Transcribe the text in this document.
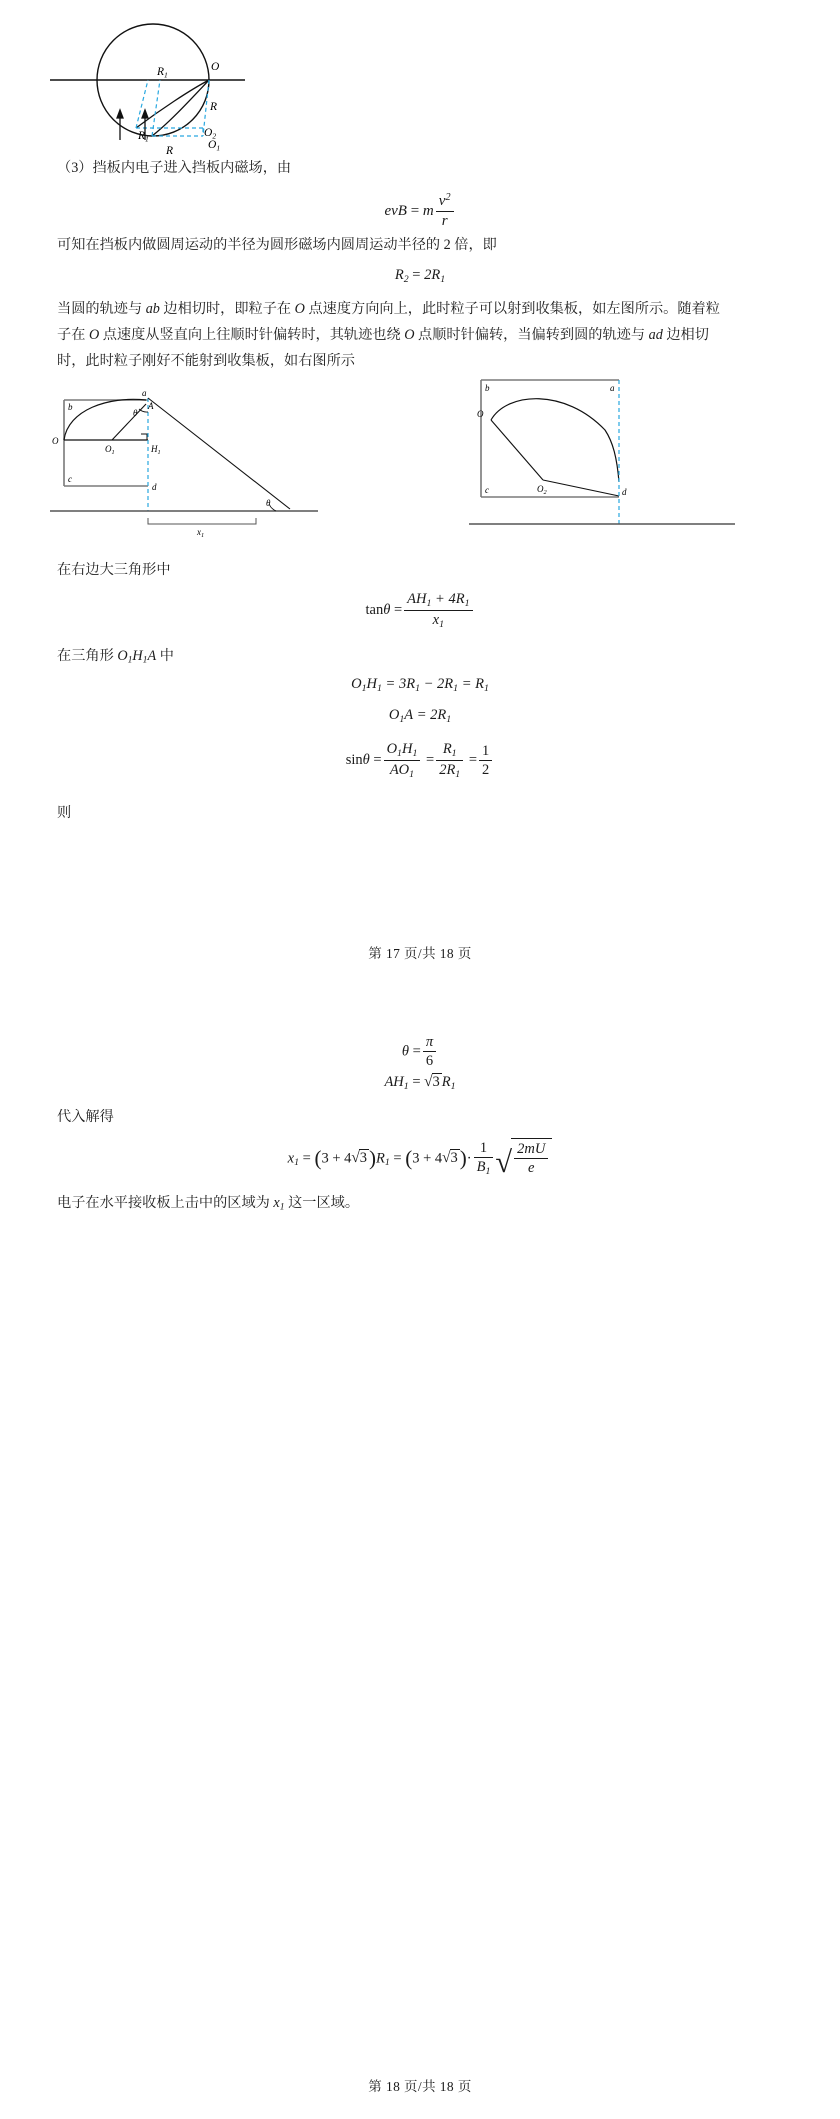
O
$R_1$
$R_1$
R
R
$O_2$
$O_1$
（3）挡板内电子进入挡板内磁场，由
evB = m $\frac{v^2}{r}$
可知在挡板内做圆周运动的半径为圆形磁场内圆周运动半径的 2 倍，即
$R_2 = 2R_1$
当圆的轨迹与 ab 边相切时，即粒子在 O 点速度方向向上，此时粒子可以射到收集板，如左图所示。随着粒
子在 O 点速度从竖直向上往顺时针偏转时，其轨迹也绕 O 点顺时针偏转，当偏转到圆的轨迹与 ad 边相切
时，此时粒子刚好不能射到收集板，如右图所示
b
a
A
O
θ
$O_1$	$H_1$
c
d
θ
$x_1$
b	a
O
$O_2$
c	d
在右边大三角形中
$\tan\theta = \frac{AH_1 + 4R_1}{x_1}$
在三角形 $O_1H_1A$ 中
$O_1H_1 = 3R_1 - 2R_1 = R_1$
$O_1A = 2R_1$
$\sin\theta = \frac{O_1H_1}{AO_1} = \frac{R_1}{2R_1} = \frac{1}{2}$
则
第 17 页/共 18 页
$\theta = \frac{\pi}{6}$
$AH_1 = √3$ $R_1$
代入解得
$x_1 = (3 + 4√3)R_1 = (3 + 4√3)\cdot \frac{1}{B_1}$ √ $\frac{2mU}{e}$
电子在水平接收板上击中的区域为 $x_1$ 这一区域。
第 18 页/共 18 页
